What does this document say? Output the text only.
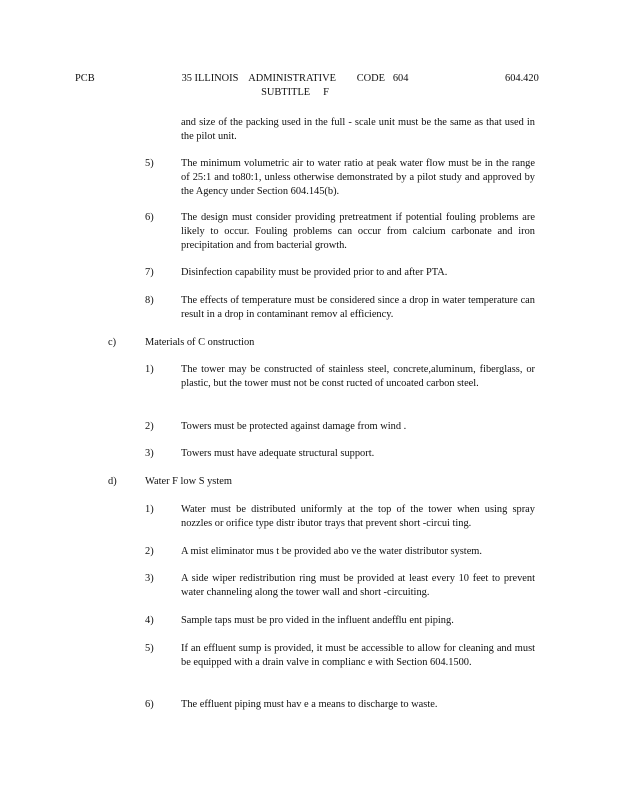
PCB	35 ILLINOIS    ADMINISTRATIVE        CODE   604
SUBTITLE     F
604.420
and size of the packing used in the full - scale unit must be the same as that used in the pilot unit.
5)	The minimum volumetric air to water ratio at peak water flow must be in the range of 25:1 and to80:1, unless otherwise demonstrated by a pilot study and approved by the Agency under Section 604.145(b).
6)	The design must consider providing pretreatment if potential fouling problems are likely to occur. Fouling problems can occur from calcium carbonate and iron precipitation and from bacterial growth.
7)	Disinfection capability must be provided prior to and after PTA.
8)	The effects of temperature must be considered since a drop in water temperature can result in a drop in contaminant remov al efficiency.
c)	Materials of C onstruction
1)	The tower may be constructed of stainless steel, concrete,aluminum, fiberglass, or plastic, but the tower must not be const ructed of uncoated carbon steel.
2)	Towers must be protected against damage from wind .
3)	Towers must have adequate structural support.
d)	Water F low S ystem
1)	Water must be distributed uniformly at the top of the tower when using spray nozzles or orifice type distr ibutor trays that prevent short -circui ting.
2)	A mist eliminator mus t be provided abo ve the water distributor system.
3)	A side wiper redistribution ring must be provided at least every 10 feet to prevent water channeling along the tower wall and short -circuiting.
4)	Sample taps must be pro vided in the influent andefflu ent piping.
5)	If an effluent sump is provided, it must be accessible to allow for cleaning and must be equipped with a drain valve in complianc e with Section 604.1500.
6)	The effluent piping must hav e a means to discharge to waste.
